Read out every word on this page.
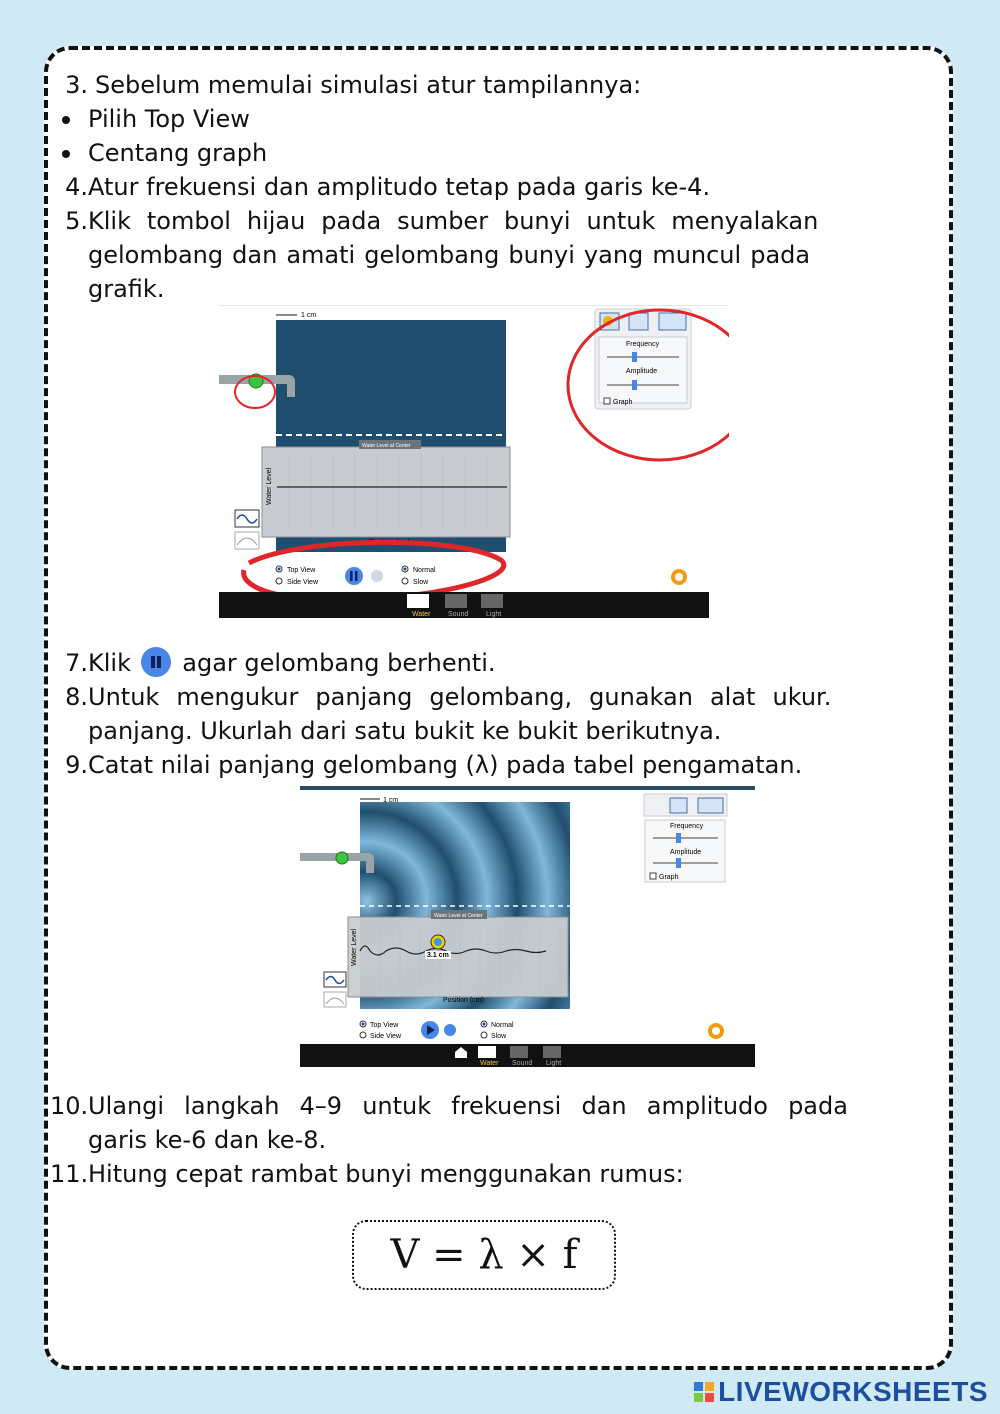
3. Sebelum memulai simulasi atur tampilannya:
Pilih Top View
Centang graph
4. Atur frekuensi dan amplitudo tetap pada garis ke-4.
5. Klik tombol hijau pada sumber bunyi untuk menyalakan
gelombang dan amati gelombang bunyi yang muncul pada
grafik.
1 cm
Water Level at Center
Water Level
Position (cm)
Frequency
Amplitude
Graph
Top View
Side View
Normal
Slow
Water	Sound	Light
7. Klik agar gelombang berhenti.
8. Untuk mengukur panjang gelombang, gunakan alat ukur.
panjang. Ukurlah dari satu bukit ke bukit berikutnya.
9. Catat nilai panjang gelombang (λ) pada tabel pengamatan.
1 cm
Water Level at Center
3.1 cm
Water Level
Position (cm)
Frequency
Amplitude
Graph
Top View
Side View
Normal
Slow
Water Sound Light
10. Ulangi langkah 4–9 untuk frekuensi dan amplitudo pada
garis ke-6 dan ke-8.
11. Hitung cepat rambat bunyi menggunakan rumus:
V = λ × f
LIVEWORKSHEETS
